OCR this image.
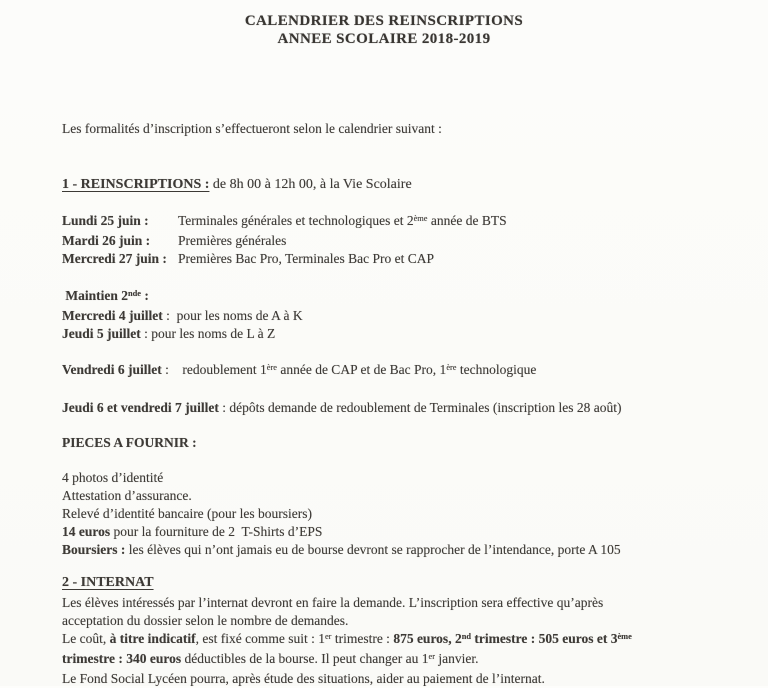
CALENDRIER DES REINSCRIPTIONS
ANNEE SCOLAIRE 2018-2019

Les formalités d’inscription s’effectueront selon le calendrier suivant :

1 - REINSCRIPTIONS : de 8h 00 à 12h 00, à la Vie Scolaire

Lundi 25 juin :	Terminales générales et technologiques et 2ème année de BTS
Mardi 26 juin :	Premières générales
Mercredi 27 juin : Premières Bac Pro, Terminales Bac Pro et CAP

Maintien 2nde :

Mercredi 4 juillet :  pour les noms de A à K

Jeudi 5 juillet : pour les noms de L à Z

Vendredi 6 juillet :    redoublement 1ère année de CAP et de Bac Pro, 1ère technologique

Jeudi 6 et vendredi 7 juillet : dépôts demande de redoublement de Terminales (inscription les 28 août)

PIECES A FOURNIR :

4 photos d’identité

Attestation d’assurance.

Relevé d’identité bancaire (pour les boursiers)

14 euros pour la fourniture de 2  T-Shirts d’EPS

Boursiers : les élèves qui n’ont jamais eu de bourse devront se rapprocher de l’intendance, porte A 105

2 - INTERNAT

Les élèves intéressés par l’internat devront en faire la demande. L’inscription sera effective qu’après

acceptation du dossier selon le nombre de demandes.

Le coût, à titre indicatif, est fixé comme suit : 1er trimestre : 875 euros, 2nd trimestre : 505 euros et 3ème

trimestre : 340 euros déductibles de la bourse. Il peut changer au 1er janvier.

Le Fond Social Lycéen pourra, après étude des situations, aider au paiement de l’internat.
